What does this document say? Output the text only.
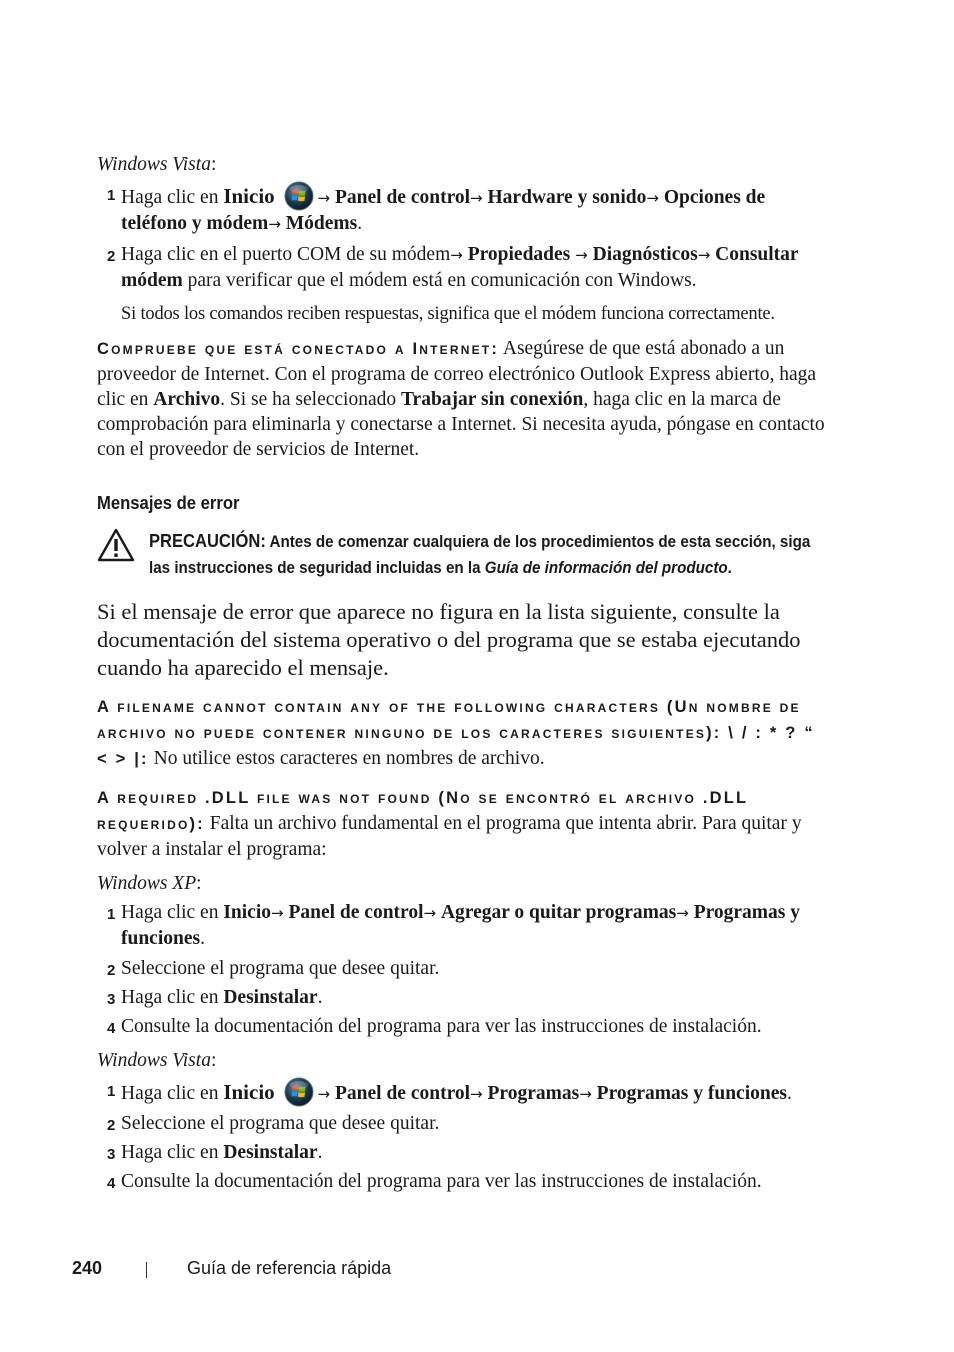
Windows Vista:

1 Haga clic en Inicio	→ Panel de control→ Hardware y sonido→ Opciones de teléfono y módem→ Módems.
2 Haga clic en el puerto COM de su módem→ Propiedades → Diagnósticos→ Consultar módem para verificar que el módem está en comunicación con Windows.

Si todos los comandos reciben respuestas, significa que el módem funciona correctamente.

Compruebe que está conectado a Internet: Asegúrese de que está abonado a un proveedor de Internet. Con el programa de correo electrónico Outlook Express abierto, haga clic en Archivo. Si se ha seleccionado Trabajar sin conexión, haga clic en la marca de comprobación para eliminarla y conectarse a Internet. Si necesita ayuda, póngase en contacto con el proveedor de servicios de Internet.

Mensajes de error
PRECAUCIÓN: Antes de comenzar cualquiera de los procedimientos de esta sección, siga las instrucciones de seguridad incluidas en la Guía de información del producto.

Si el mensaje de error que aparece no figura en la lista siguiente, consulte la documentación del sistema operativo o del programa que se estaba ejecutando cuando ha aparecido el mensaje.

A filename cannot contain any of the following characters (Un nombre de archivo no puede contener ninguno de los caracteres siguientes): \ / : * ? “ < > |: No utilice estos caracteres en nombres de archivo.

A required .DLL file was not found (No se encontró el archivo .DLL requerido): Falta un archivo fundamental en el programa que intenta abrir. Para quitar y volver a instalar el programa:

Windows XP:

1 Haga clic en Inicio→ Panel de control→ Agregar o quitar programas→ Programas y funciones.
2 Seleccione el programa que desee quitar.
3 Haga clic en Desinstalar.
4 Consulte la documentación del programa para ver las instrucciones de instalación.

Windows Vista:

1 Haga clic en Inicio	→ Panel de control→ Programas→ Programas y funciones.
2 Seleccione el programa que desee quitar.
3 Haga clic en Desinstalar.
4 Consulte la documentación del programa para ver las instrucciones de instalación.
240	Guía de referencia rápida
